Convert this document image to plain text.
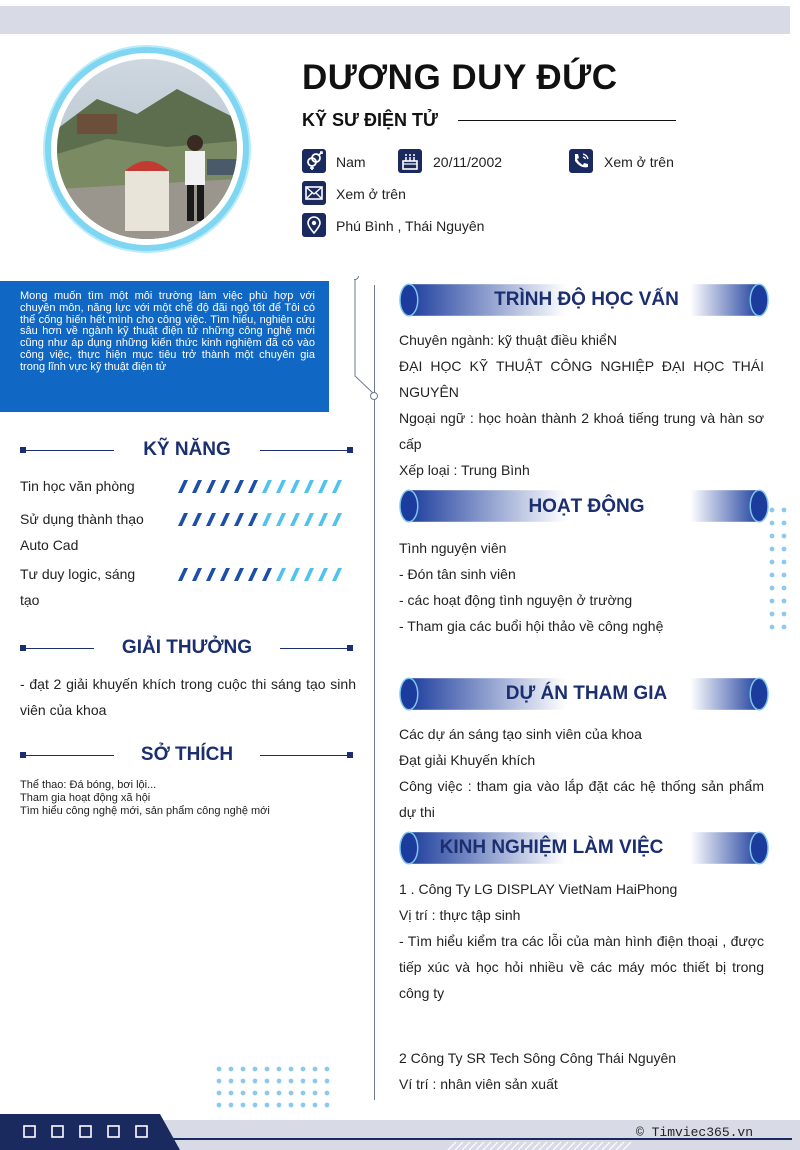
DƯƠNG DUY ĐỨC
KỸ SƯ ĐIỆN TỬ
Nam	20/11/2002	Xem ở trên
Xem ở trên
Phú Bình , Thái Nguyên
Mong muốn tìm một môi trường làm việc phù hợp với chuyên môn, năng lực với một chế độ đãi ngộ tốt để Tôi có thể cống hiến hết mình cho công việc. Tìm hiểu, nghiên cứu sâu hơn về ngành kỹ thuật điện tử những công nghệ mới cũng như áp dụng những kiến thức kinh nghiệm đã có vào công việc, thực hiện mục tiêu trở thành một chuyên gia trong lĩnh vực kỹ thuật điện tử
KỸ NĂNG
Tin học văn phòng
Sử dụng thành thạo Auto Cad
Tư duy logic, sáng tạo
GIẢI THƯỞNG
- đạt 2 giải khuyến khích trong cuộc thi sáng tạo sinh viên của khoa
SỞ THÍCH
Thể thao: Đá bóng, bơi lội...
Tham gia hoạt động xã hội
Tìm hiểu công nghệ mới, sản phẩm công nghệ mới
TRÌNH ĐỘ HỌC VẤN
Chuyên ngành: kỹ thuật điều khiểN
ĐẠI HỌC KỸ THUẬT CÔNG NGHIỆP ĐẠI HỌC THÁI NGUYÊN
Ngoại ngữ : học hoàn thành 2 khoá tiếng trung và hàn sơ cấp
Xếp loại : Trung Bình
HOẠT ĐỘNG
Tình nguyện viên
- Đón tân sinh viên
- các hoạt động tình nguyện ở trường
- Tham gia các buổi hội thảo về công nghệ
DỰ ÁN THAM GIA
Các dự án sáng tạo sinh viên của khoa
Đạt giải Khuyến khích
Công việc : tham gia vào lắp đặt các hệ thống sản phẩm dự thi
KINH NGHIỆM LÀM VIỆC
1 . Công Ty LG DISPLAY VietNam HaiPhong
Vị trí : thực tập sinh
- Tìm hiểu kiểm tra các lỗi của màn hình điện thoại , được tiếp xúc và học hỏi nhiều về các máy móc thiết bị trong công ty
2 Công Ty SR Tech Sông Công Thái Nguyên
Ví trí : nhân viên sản xuất
© Timviec365.vn
